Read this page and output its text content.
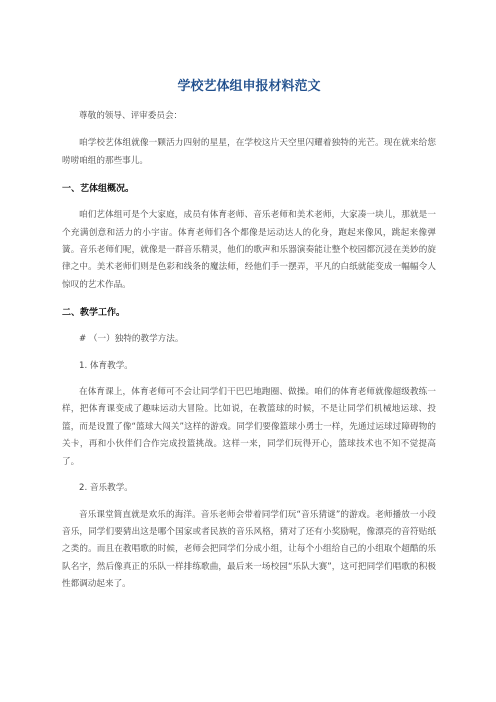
学校艺体组申报材料范文

尊敬的领导、评审委员会：

咱学校艺体组就像一颗活力四射的星星，在学校这片天空里闪耀着独特的光芒。现在就来给您唠唠咱组的那些事儿。

一、艺体组概况。

咱们艺体组可是个大家庭，成员有体育老师、音乐老师和美术老师，大家凑一块儿，那就是一个充满创意和活力的小宇宙。体育老师们各个都像是运动达人的化身，跑起来像风，跳起来像弹簧。音乐老师们呢，就像是一群音乐精灵，他们的歌声和乐器演奏能让整个校园都沉浸在美妙的旋律之中。美术老师们则是色彩和线条的魔法师，经他们手一摆弄，平凡的白纸就能变成一幅幅令人惊叹的艺术作品。

二、教学工作。

# （一）独特的教学方法。

1. 体育教学。

在体育课上，体育老师可不会让同学们干巴巴地跑圈、做操。咱们的体育老师就像超级教练一样，把体育课变成了趣味运动大冒险。比如说，在教篮球的时候，不是让同学们机械地运球、投篮，而是设置了像“篮球大闯关”这样的游戏。同学们要像篮球小勇士一样，先通过运球过障碍物的关卡，再和小伙伴们合作完成投篮挑战。这样一来，同学们玩得开心，篮球技术也不知不觉提高了。

2. 音乐教学。

音乐课堂简直就是欢乐的海洋。音乐老师会带着同学们玩“音乐猜谜”的游戏。老师播放一小段音乐，同学们要猜出这是哪个国家或者民族的音乐风格，猜对了还有小奖励呢，像漂亮的音符贴纸之类的。而且在教唱歌的时候，老师会把同学们分成小组，让每个小组给自己的小组取个超酷的乐队名字，然后像真正的乐队一样排练歌曲，最后来一场校园“乐队大赛”，这可把同学们唱歌的积极性都调动起来了。
